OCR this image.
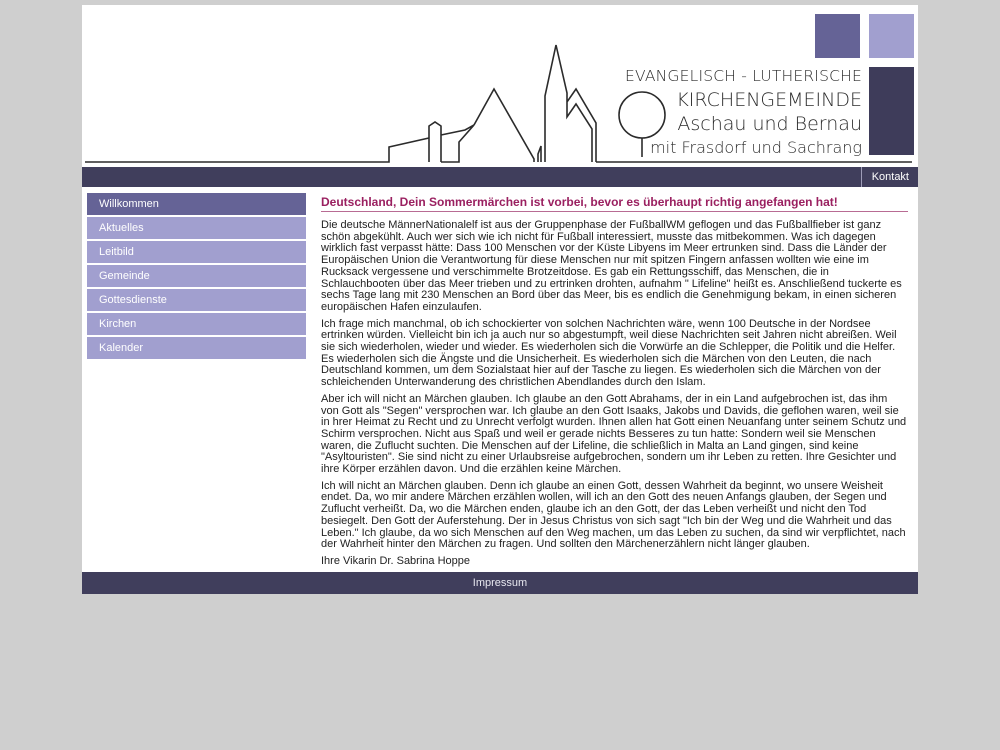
EVANGELISCH - LUTHERISCHE
KIRCHENGEMEINDE
Aschau und Bernau
mit Frasdorf und Sachrang
Kontakt
Willkommen
Aktuelles
Leitbild
Gemeinde
Gottesdienste
Kirchen
Kalender
Deutschland, Dein Sommermärchen ist vorbei, bevor es überhaupt richtig angefangen hat!

Die deutsche MännerNationalelf ist aus der Gruppenphase der FußballWM geflogen und das Fußballfieber ist ganz schön abgekühlt. Auch wer sich wie ich nicht für Fußball interessiert, musste das mitbekommen. Was ich dagegen wirklich fast verpasst hätte: Dass 100 Menschen vor der Küste Libyens im Meer ertrunken sind. Dass die Länder der Europäischen Union die Verantwortung für diese Menschen nur mit spitzen Fingern anfassen wollten wie eine im Rucksack vergessene und verschimmelte Brotzeitdose. Es gab ein Rettungsschiff, das Menschen, die in Schlauchbooten über das Meer trieben und zu ertrinken drohten, aufnahm " Lifeline" heißt es. Anschließend tuckerte es sechs Tage lang mit 230 Menschen an Bord über das Meer, bis es endlich die Genehmigung bekam, in einen sicheren europäischen Hafen einzulaufen.

Ich frage mich manchmal, ob ich schockierter von solchen Nachrichten wäre, wenn 100 Deutsche in der Nordsee ertrinken würden. Vielleicht bin ich ja auch nur so abgestumpft, weil diese Nachrichten seit Jahren nicht abreißen. Weil sie sich wiederholen, wieder und wieder. Es wiederholen sich die Vorwürfe an die Schlepper, die Politik und die Helfer. Es wiederholen sich die Ängste und die Unsicherheit. Es wiederholen sich die Märchen von den Leuten, die nach Deutschland kommen, um dem Sozialstaat hier auf der Tasche zu liegen. Es wiederholen sich die Märchen von der schleichenden Unterwanderung des christlichen Abendlandes durch den Islam.

Aber ich will nicht an Märchen glauben. Ich glaube an den Gott Abrahams, der in ein Land aufgebrochen ist, das ihm von Gott als "Segen" versprochen war. Ich glaube an den Gott Isaaks, Jakobs und Davids, die geflohen waren, weil sie in hrer Heimat zu Recht und zu Unrecht verfolgt wurden. Ihnen allen hat Gott einen Neuanfang unter seinem Schutz und Schirm versprochen. Nicht aus Spaß und weil er gerade nichts Besseres zu tun hatte: Sondern weil sie Menschen waren, die Zuflucht suchten. Die Menschen auf der Lifeline, die schließlich in Malta an Land gingen, sind keine "Asyltouristen". Sie sind nicht zu einer Urlaubsreise aufgebrochen, sondern um ihr Leben zu retten. Ihre Gesichter und ihre Körper erzählen davon. Und die erzählen keine Märchen.

Ich will nicht an Märchen glauben. Denn ich glaube an einen Gott, dessen Wahrheit da beginnt, wo unsere Weisheit endet. Da, wo mir andere Märchen erzählen wollen, will ich an den Gott des neuen Anfangs glauben, der Segen und Zuflucht verheißt. Da, wo die Märchen enden, glaube ich an den Gott, der das Leben verheißt und nicht den Tod besiegelt. Den Gott der Auferstehung. Der in Jesus Christus von sich sagt "Ich bin der Weg und die Wahrheit und das Leben." Ich glaube, da wo sich Menschen auf den Weg machen, um das Leben zu suchen, da sind wir verpflichtet, nach der Wahrheit hinter den Märchen zu fragen. Und sollten den Märchenerzählern nicht länger glauben.

Ihre Vikarin Dr. Sabrina Hoppe

Impressum
